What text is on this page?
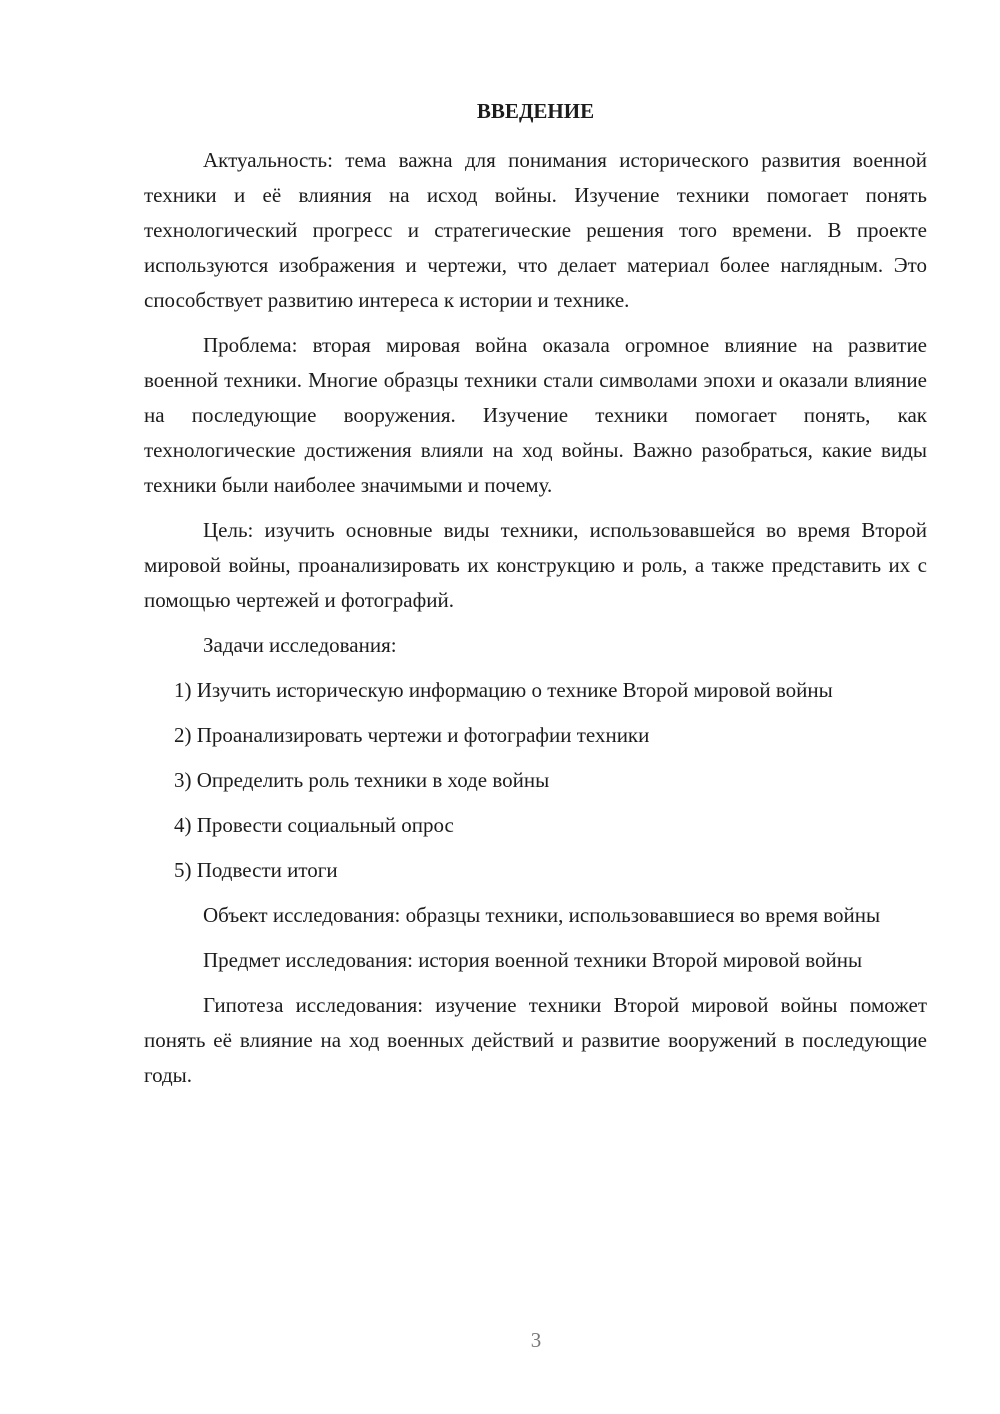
ВВЕДЕНИЕ

Актуальность: тема важна для понимания исторического развития военной техники и её влияния на исход войны. Изучение техники помогает понять технологический прогресс и стратегические решения того времени. В проекте используются изображения и чертежи, что делает материал более наглядным. Это способствует развитию интереса к истории и технике.

Проблема: вторая мировая война оказала огромное влияние на развитие военной техники. Многие образцы техники стали символами эпохи и оказали влияние на последующие вооружения. Изучение техники помогает понять, как технологические достижения влияли на ход войны. Важно разобраться, какие виды техники были наиболее значимыми и почему.

Цель: изучить основные виды техники, использовавшейся во время Второй мировой войны, проанализировать их конструкцию и роль, а также представить их с помощью чертежей и фотографий.

Задачи исследования:

1) Изучить историческую информацию о технике Второй мировой войны

2) Проанализировать чертежи и фотографии техники

3) Определить роль техники в ходе войны

4) Провести социальный опрос

5) Подвести итоги

Объект исследования: образцы техники, использовавшиеся во время войны

Предмет исследования: история военной техники Второй мировой войны

Гипотеза исследования: изучение техники Второй мировой войны поможет понять её влияние на ход военных действий и развитие вооружений в последующие годы.

3
